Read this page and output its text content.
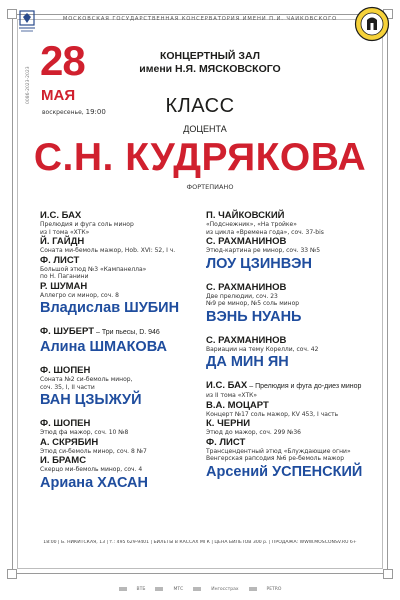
МОСКОВСКАЯ ГОСУДАРСТВЕННАЯ КОНСЕРВАТОРИЯ ИМЕНИ П.И. ЧАЙКОВСКОГО
28
МАЯ
воскресенье, 19:00
0086-2023-2023
КОНЦЕРТНЫЙ ЗАЛ
имени Н.Я. МЯСКОВСКОГО
КЛАСС
ДОЦЕНТА
С.Н. КУДРЯКОВА
ФОРТЕПИАНО
И.С. БАХ
Прелюдия и фуга соль минор
из I тома «ХТК»
Й. ГАЙДН
Соната ми-бемоль мажор, Hob. XVI: 52, I ч.
Ф. ЛИСТ
Большой этюд №3 «Кампанелла»
по Н. Паганини
Р. ШУМАН
Аллегро си минор, соч. 8
Владислав ШУБИН
Ф. ШУБЕРТ – Три пьесы, D. 946
Алина ШМАКОВА
Ф. ШОПЕН
Соната №2 си-бемоль минор,
соч. 35, I, II части
ВАН ЦЗЫЖУЙ
Ф. ШОПЕН
Этюд фа мажор, соч. 10 №8
А. СКРЯБИН
Этюд си-бемоль минор, соч. 8 №7
И. БРАМС
Скерцо ми-бемоль минор, соч. 4
Ариана ХАСАН
П. ЧАЙКОВСКИЙ
«Подснежник», «На тройке»
из цикла «Времена года», соч. 37-bis
С. РАХМАНИНОВ
Этюд-картина ре минор, соч. 33 №5
ЛОУ ЦЗИНВЭН
С. РАХМАНИНОВ
Две прелюдии, соч. 23
№9 ре минор, №5 соль минор
ВЭНЬ НУАНЬ
С. РАХМАНИНОВ
Вариации на тему Корелли, соч. 42
ДА МИН ЯН
И.С. БАХ – Прелюдия и фуга до-диез минор
из II тома «ХТК»
В.А. МОЦАРТ
Концерт №17 соль мажор, KV 453, I часть
К. ЧЕРНИ
Этюд до мажор, соч. 299 №36
Ф. ЛИСТ
Трансцендентный этюд «Блуждающие огни»
Венгерская рапсодия №6 ре-бемоль мажор
Арсений УСПЕНСКИЙ
18:00 | Б. НИКИТСКАЯ, 13 | т.: 495 629-9401 | БИЛЕТЫ В КАССАХ МГК | ЦЕНА БИЛЕТОВ 300 р. | ПРОДАЖА: WWW.MOSCONSV.RU 6+
ВТБ	МТС	Ингосстрах	PETRO
